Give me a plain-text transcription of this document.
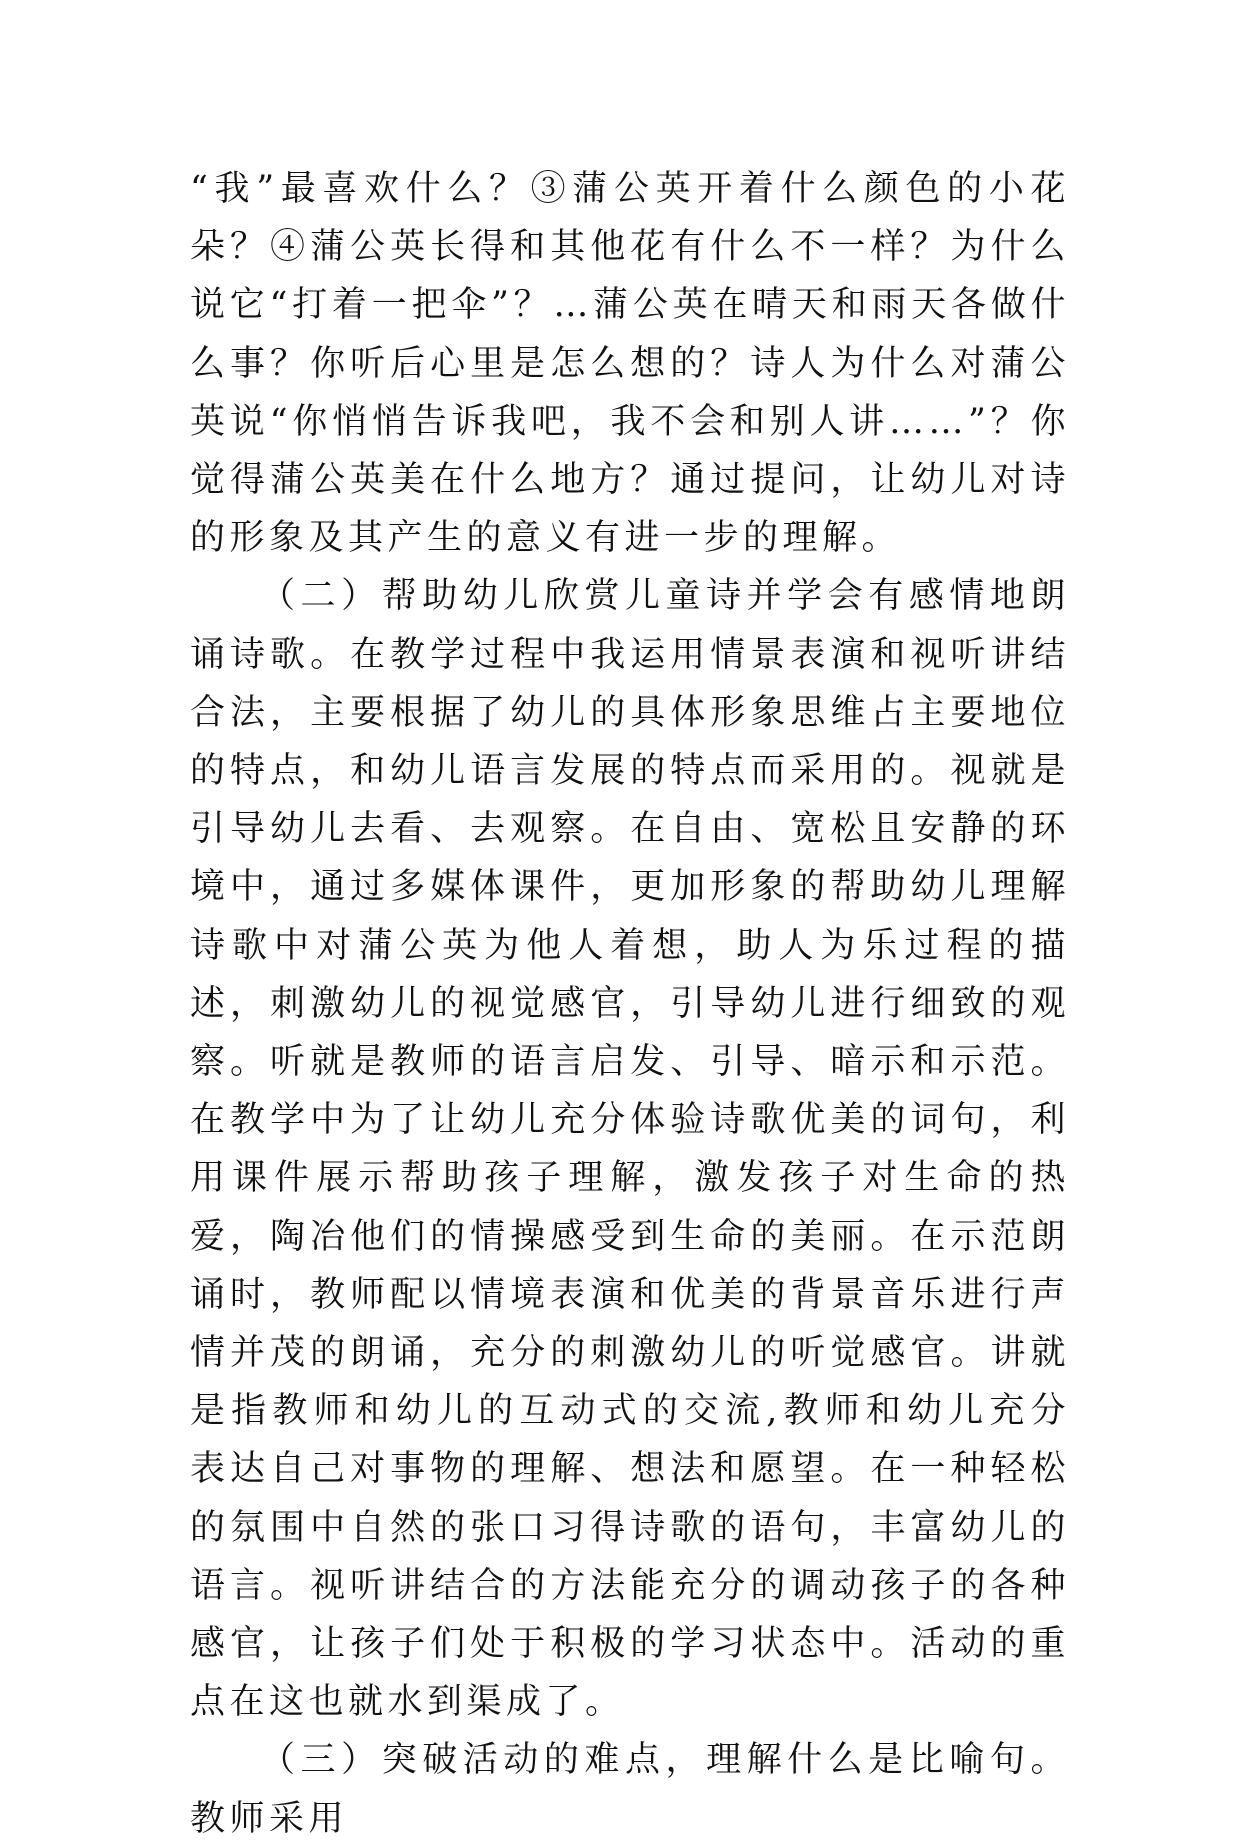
“我”最喜欢什么？③蒲公英开着什么颜色的小花朵？④蒲公英长得和其他花有什么不一样？为什么说它“打着一把伞”？…蒲公英在晴天和雨天各做什么事？你听后心里是怎么想的？诗人为什么对蒲公英说“你悄悄告诉我吧，我不会和别人讲……”？你觉得蒲公英美在什么地方？通过提问，让幼儿对诗的形象及其产生的意义有进一步的理解。

（二）帮助幼儿欣赏儿童诗并学会有感情地朗诵诗歌。在教学过程中我运用情景表演和视听讲结合法，主要根据了幼儿的具体形象思维占主要地位的特点，和幼儿语言发展的特点而采用的。视就是引导幼儿去看、去观察。在自由、宽松且安静的环境中，通过多媒体课件，更加形象的帮助幼儿理解诗歌中对蒲公英为他人着想，助人为乐过程的描述，刺激幼儿的视觉感官，引导幼儿进行细致的观察。听就是教师的语言启发、引导、暗示和示范。在教学中为了让幼儿充分体验诗歌优美的词句，利用课件展示帮助孩子理解，激发孩子对生命的热爱，陶冶他们的情操感受到生命的美丽。在示范朗诵时，教师配以情境表演和优美的背景音乐进行声情并茂的朗诵，充分的刺激幼儿的听觉感官。讲就是指教师和幼儿的互动式的交流,教师和幼儿充分表达自己对事物的理解、想法和愿望。在一种轻松的氛围中自然的张口习得诗歌的语句，丰富幼儿的语言。视听讲结合的方法能充分的调动孩子的各种感官，让孩子们处于积极的学习状态中。活动的重点在这也就水到渠成了。

（三）突破活动的难点，理解什么是比喻句。教师采用
